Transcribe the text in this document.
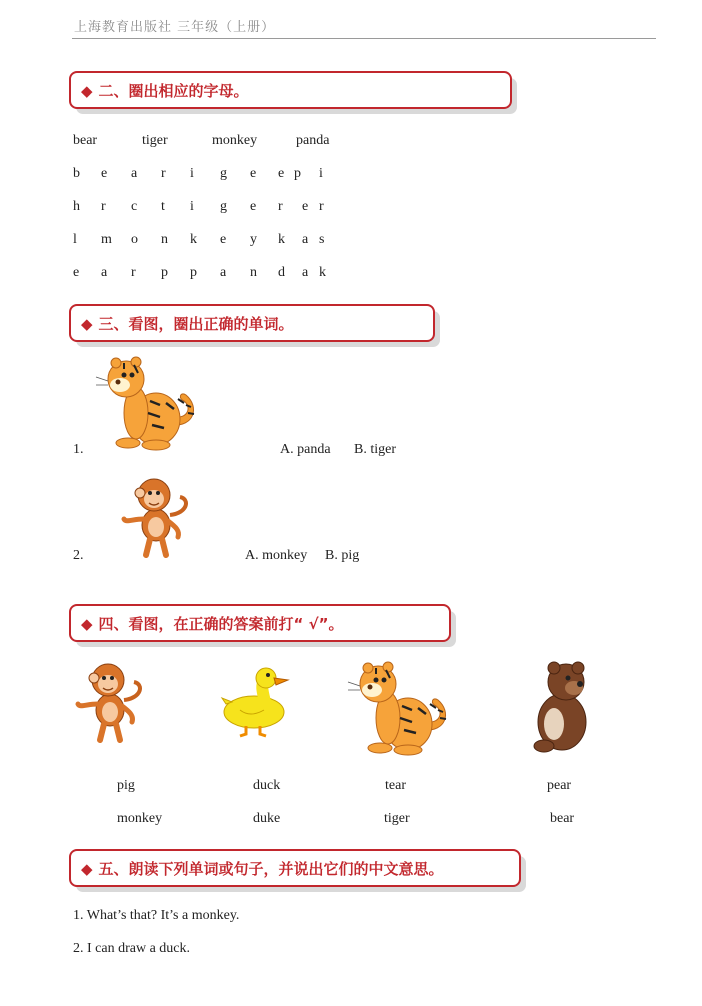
上海教育出版社 三年级（上册）
◆ 二、圈出相应的字母。
bear	tiger	monkey	panda
b e a r i g e e p i
h r c t i g e r e r
l m o n k e y k a s
e a r p p a n d a k
◆ 三、看图，圈出正确的单词。
1.	A. panda B. tiger
2.	A. monkey B. pig
◆ 四、看图，在正确的答案前打“ √”。
pig	duck	tear	pear
monkey	duke	tiger	bear
◆ 五、朗读下列单词或句子，并说出它们的中文意思。
1. What’s that? It’s a monkey.
2. I can draw a duck.
